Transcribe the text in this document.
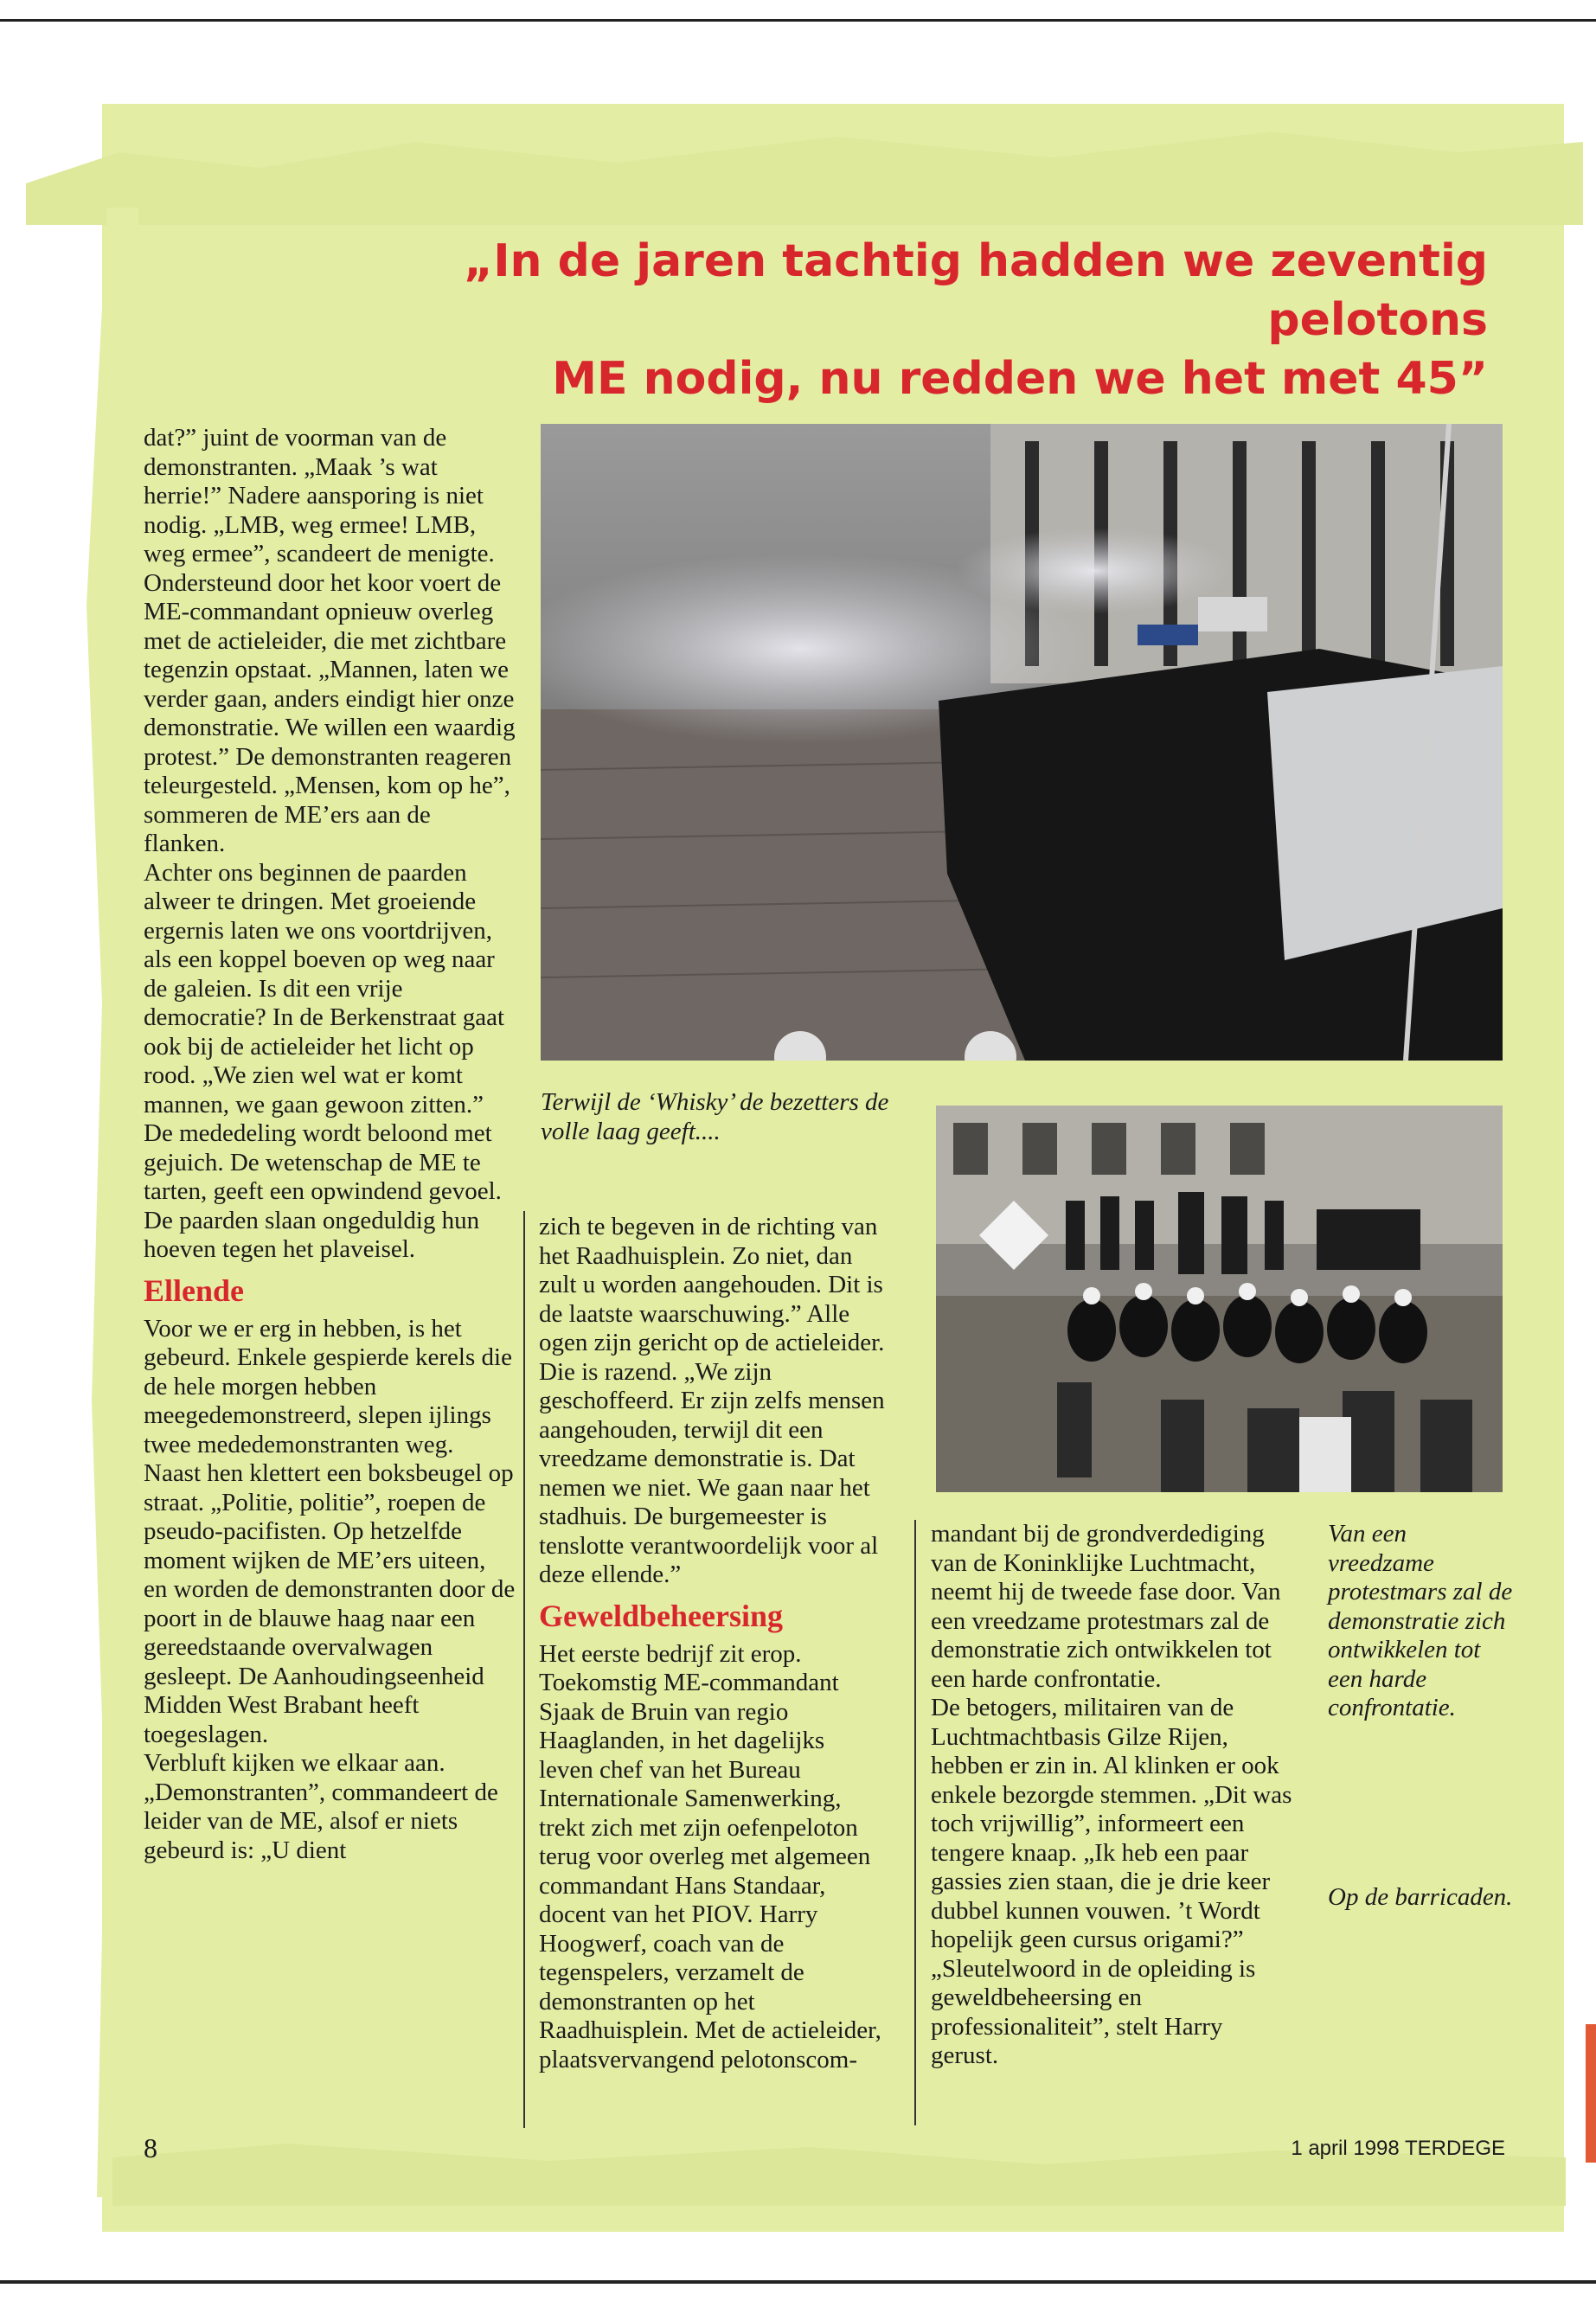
„In de jaren tachtig hadden we zeventig pelotons
ME nodig, nu redden we het met 45”

dat?” juint de voorman van de demonstranten. „Maak ’s wat herrie!” Nadere aansporing is niet nodig. „LMB, weg ermee! LMB, weg ermee”, scandeert de menigte.

Ondersteund door het koor voert de ME-commandant opnieuw overleg met de actieleider, die met zichtbare tegenzin opstaat. „Mannen, laten we verder gaan, anders eindigt hier onze demonstratie. We willen een waardig protest.” De demonstranten reageren teleurgesteld. „Mensen, kom op he”, sommeren de ME’ers aan de flanken.

Achter ons beginnen de paarden alweer te dringen. Met groeiende ergernis laten we ons voortdrijven, als een koppel boeven op weg naar de galeien. Is dit een vrije democratie? In de Berkenstraat gaat ook bij de actieleider het licht op rood. „We zien wel wat er komt mannen, we gaan gewoon zitten.” De mededeling wordt beloond met gejuich. De wetenschap de ME te tarten, geeft een opwindend gevoel. De paarden slaan ongeduldig hun hoeven tegen het plaveisel.

Ellende

Voor we er erg in hebben, is het gebeurd. Enkele gespierde kerels die de hele morgen hebben meegedemonstreerd, slepen ijlings twee mededemonstranten weg. Naast hen klettert een boksbeugel op straat. „Politie, politie”, roepen de pseudo-pacifisten. Op hetzelfde moment wijken de ME’ers uiteen, en worden de demonstranten door de poort in de blauwe haag naar een gereedstaande overvalwagen gesleept. De Aanhoudingseenheid Midden West Brabant heeft toegeslagen.

Verbluft kijken we elkaar aan. „Demonstranten”, commandeert de leider van de ME, alsof er niets gebeurd is: „U dient

Terwijl de ‘Whisky’ de bezetters de volle laag geeft....

zich te begeven in de richting van het Raadhuisplein. Zo niet, dan zult u worden aangehouden. Dit is de laatste waarschuwing.” Alle ogen zijn gericht op de actieleider. Die is razend. „We zijn geschoffeerd. Er zijn zelfs mensen aangehouden, terwijl dit een vreedzame demonstratie is. Dat nemen we niet. We gaan naar het stadhuis. De burgemeester is tenslotte verantwoordelijk voor al deze ellende.”

Geweldbeheersing

Het eerste bedrijf zit erop. Toekomstig ME-commandant Sjaak de Bruin van regio Haaglanden, in het dagelijks leven chef van het Bureau Internationale Samenwerking, trekt zich met zijn oefenpeloton terug voor overleg met algemeen commandant Hans Standaar, docent van het PIOV. Harry Hoogwerf, coach van de tegenspelers, verzamelt de demonstranten op het Raadhuisplein. Met de actieleider, plaatsvervangend pelotonscom-

mandant bij de grondverdediging van de Koninklijke Luchtmacht, neemt hij de tweede fase door. Van een vreedzame protestmars zal de demonstratie zich ontwikkelen tot een harde confrontatie.

De betogers, militairen van de Luchtmachtbasis Gilze Rijen, hebben er zin in. Al klinken er ook enkele bezorgde stemmen. „Dit was toch vrijwillig”, informeert een tengere knaap. „Ik heb een paar gassies zien staan, die je drie keer dubbel kunnen vouwen. ’t Wordt hopelijk geen cursus origami?”

„Sleutelwoord in de opleiding is geweldbeheersing en professionaliteit”, stelt Harry gerust.

Van een vreedzame protestmars zal de demonstratie zich ontwikkelen tot een harde confrontatie.
Op de barricaden.
8	1 april 1998 TERDEGE
